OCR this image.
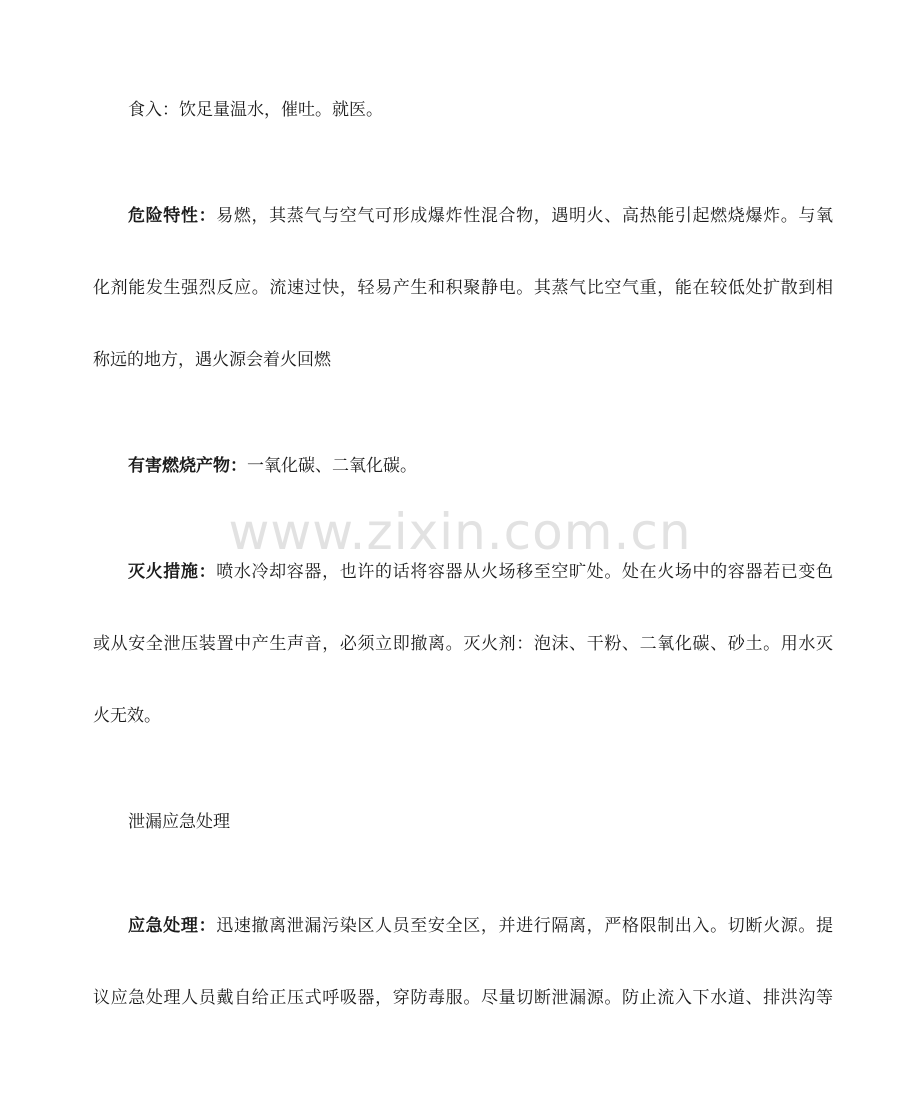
食入：饮足量温水，催吐。就医。
危险特性：易燃，其蒸气与空气可形成爆炸性混合物，遇明火、高热能引起燃烧爆炸。与氧
化剂能发生强烈反应。流速过快，轻易产生和积聚静电。其蒸气比空气重，能在较低处扩散到相
称远的地方，遇火源会着火回燃
有害燃烧产物：一氧化碳、二氧化碳。
www.zixin.com.cn
灭火措施：喷水冷却容器，也许的话将容器从火场移至空旷处。处在火场中的容器若已变色
或从安全泄压装置中产生声音，必须立即撤离。灭火剂：泡沫、干粉、二氧化碳、砂土。用水灭
火无效。
泄漏应急处理
应急处理：迅速撤离泄漏污染区人员至安全区，并进行隔离，严格限制出入。切断火源。提
议应急处理人员戴自给正压式呼吸器，穿防毒服。尽量切断泄漏源。防止流入下水道、排洪沟等
